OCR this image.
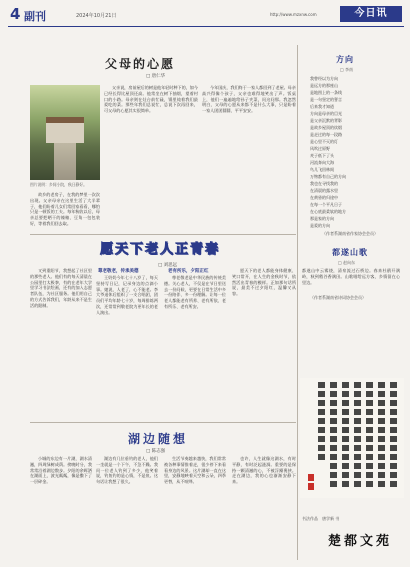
4 副刊	2024年10月21日	http://www.mzxnw.com	今日讯
父母的心愿
□ 唐仁华
图片说明：乡间小院，秋日静好。
故乡的老房子，在我的梦里一次次出现。父亲母亲在这里生活了大半辈子，他们盼着儿女们常回家看看，哪怕只是一顿饭的工夫。每年秋收以后，母亲总要把晒干的辣椒、豆角一包包装好，等着我们回去取。
父亲说，房前屋后的树是他年轻时种下的，如今已经长得比屋顶还高。他常坐在树下抽烟，望着村口的小路。母亲则在灶台前忙碌，锅里炖着我们最爱吃的菜。那些年我们总说忙，总说下次再回来，可父母的心愿其实很简单。
今年国庆，我们终于一家人都回到了老屋。母亲高兴得像个孩子，父亲也难得地笑出了声。饭桌上，他们一遍遍地给孙子夹菜，问这问那。我忽然明白，父母的心愿从来都不是什么大事，只是盼着一家人团团圆圆、平平安安。
愿天下老人正青春
□ 刘思远
又到重阳节，我想起了社区里的那些老人。他们有的每天清晨在公园里打太极拳，有的在老年大学里学习书法绘画，还有的加入志愿者队伍，为社区服务。他们用自己的方式告诉我们，年龄从来不是生活的限制。
尊老敬老，传承美德
王奶奶今年七十八岁了，每天坚持写日记，记录身边的点滴小事。她说，人老了，心不能老。李大爷退休后组织了一支合唱团，团员们平均年龄七十岁，每周排练两次，还常常到敬老院为更年长的老人演出。
老有所乐，夕阳正红
尊老敬老是中华民族的传统美德。关心老人，不仅是在节日里送去一份问候，更要在日常生活中多一份陪伴、多一份理解。让每一位老人都能老有所养、老有所依、老有所乐、老有所安。
愿天下的老人都能身体健康、笑口常开，在人生的金秋时节，依然活出青春的模样。正如那句话所说，最美不过夕阳红，温馨又从容。
湖边随想
□ 陈志强
小城的东边有一片湖，湖水清澈，四周绿树成荫。傍晚时分，我常常沿着湖边散步。夕阳的余晖洒在湖面上，波光粼粼，像是撒下了一层碎金。
湖边有几位垂钓的老人，他们一坐就是一个下午，不急不躁。我问一位老人钓到了多少，他笑着说，钓鱼钓的是心情，不是鱼。这句话让我想了很久。
生活节奏越来越快，我们常常被各种事情推着走，很少停下来看看身边的风景。这片湖却一直在这里，安静地映着天空和云朵，四季更替，从不喧哗。
也许，人生就像这湖水，有时平静，有时泛起涟漪。重要的是保持一颗清澈的心，不被浮躁裹挟。走在湖边，我的心也渐渐安静下来。
方向
□ 李南
我曾经以为方向
是远方的那座山
是地图上的一条线
是一句坚定的誓言
后来我才知道
方向是母亲的目光
是父亲沉默的背影
是故乡屋顶的炊烟
是走过的每一段路
是心里不灭的灯
风吹过原野
麦子低下了头
河流奔向大海
鸟儿飞回林间
万物都有自己的方向
我也在寻找我的
在清晨的露水里
在黄昏的归途中
在每一个平凡日子
在心底最柔软的地方
那是家的方向
是爱的方向
（作者系湖南省作家协会会员）
都遂山歌
□ 赵向东
都遂山中云雾绕，清泉流过石桥边。春来杜鹃开满岭，秋到稻谷香满田。山歌唱给远方客，乡情留在心里边。
（作者系湖南省诗词协会会员）
书法作品　唐学新 书
楚都文苑
